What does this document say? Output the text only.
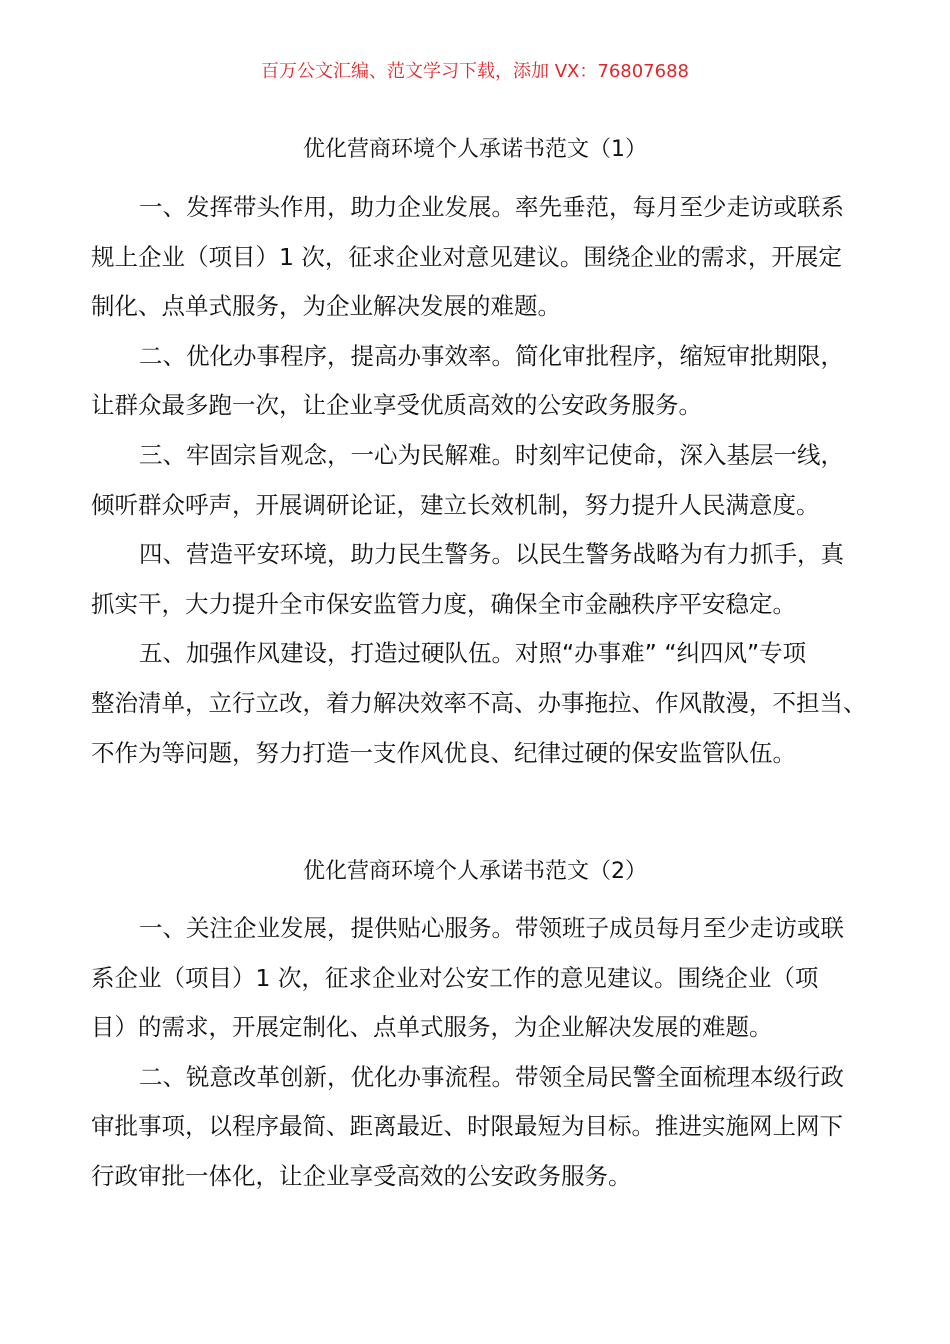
百万公文汇编、范文学习下载，添加 VX：76807688
优化营商环境个人承诺书范文（1）
一、发挥带头作用，助力企业发展。率先垂范，每月至少走访或联系
规上企业（项目）1 次，征求企业对意见建议。围绕企业的需求，开展定
制化、点单式服务，为企业解决发展的难题。
二、优化办事程序，提高办事效率。简化审批程序，缩短审批期限，
让群众最多跑一次，让企业享受优质高效的公安政务服务。
三、牢固宗旨观念，一心为民解难。时刻牢记使命，深入基层一线，
倾听群众呼声，开展调研论证，建立长效机制，努力提升人民满意度。
四、营造平安环境，助力民生警务。以民生警务战略为有力抓手，真
抓实干，大力提升全市保安监管力度，确保全市金融秩序平安稳定。
五、加强作风建设，打造过硬队伍。对照“办事难” “纠四风”专项
整治清单，立行立改，着力解决效率不高、办事拖拉、作风散漫，不担当、
不作为等问题，努力打造一支作风优良、纪律过硬的保安监管队伍。
优化营商环境个人承诺书范文（2）
一、关注企业发展，提供贴心服务。带领班子成员每月至少走访或联
系企业（项目）1 次，征求企业对公安工作的意见建议。围绕企业（项
目）的需求，开展定制化、点单式服务，为企业解决发展的难题。
二、锐意改革创新，优化办事流程。带领全局民警全面梳理本级行政
审批事项，以程序最简、距离最近、时限最短为目标。推进实施网上网下
行政审批一体化，让企业享受高效的公安政务服务。
